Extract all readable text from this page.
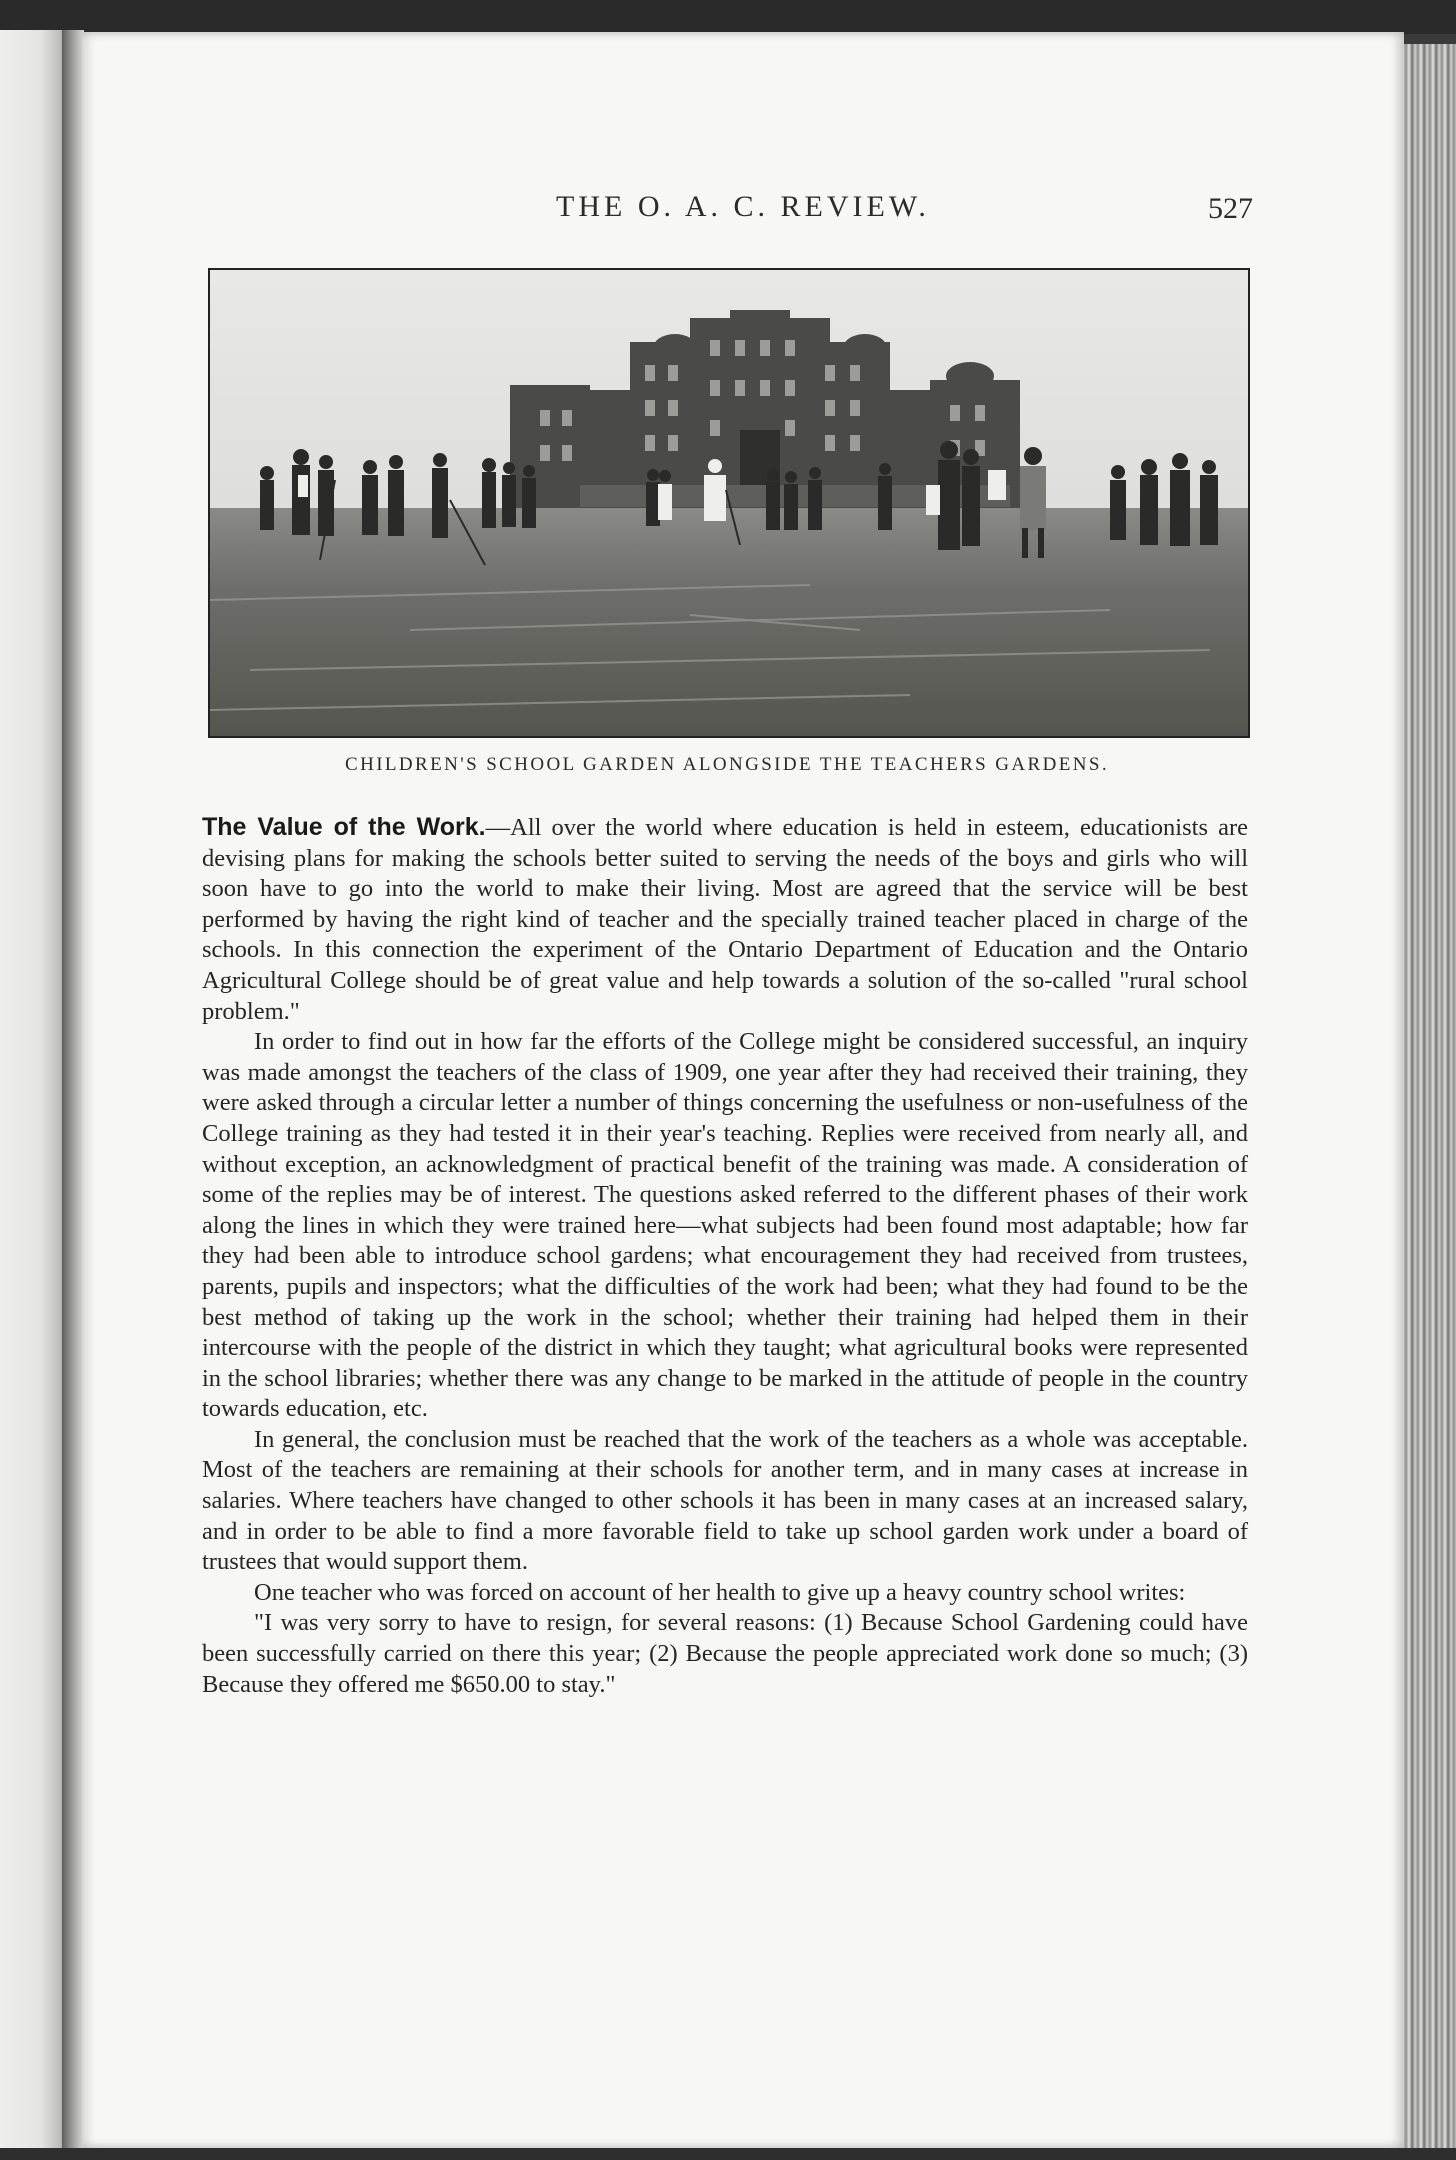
THE O. A. C. REVIEW.	527
CHILDREN'S SCHOOL GARDEN ALONGSIDE THE TEACHERS GARDENS.

The Value of the Work.—All over the world where education is held in esteem, educationists are devising plans for making the schools better suited to serving the needs of the boys and girls who will soon have to go into the world to make their living. Most are agreed that the service will be best performed by having the right kind of teacher and the specially trained teacher placed in charge of the schools. In this connection the experiment of the Ontario Department of Education and the Ontario Agricultural College should be of great value and help towards a solution of the so-called "rural school problem."

In order to find out in how far the efforts of the College might be considered successful, an inquiry was made amongst the teachers of the class of 1909, one year after they had received their training, they were asked through a circular letter a number of things concerning the usefulness or non-usefulness of the College training as they had tested it in their year's teaching. Replies were received from nearly all, and without exception, an acknowledgment of practical benefit of the training was made. A consideration of some of the replies may be of interest. The questions asked referred to the different phases of their work along the lines in which they were trained here—what subjects had been found most adaptable; how far they had been able to introduce school gardens; what encouragement they had received from trustees, parents, pupils and inspectors; what the difficulties of the work had been; what they had found to be the best method of taking up the work in the school; whether their training had helped them in their intercourse with the people of the district in which they taught; what agricultural books were represented in the school libraries; whether there was any change to be marked in the attitude of people in the country towards education, etc.

In general, the conclusion must be reached that the work of the teachers as a whole was acceptable. Most of the teachers are remaining at their schools for another term, and in many cases at increase in salaries. Where teachers have changed to other schools it has been in many cases at an increased salary, and in order to be able to find a more favorable field to take up school garden work under a board of trustees that would support them.

One teacher who was forced on account of her health to give up a heavy country school writes:

"I was very sorry to have to resign, for several reasons: (1) Because School Gardening could have been successfully carried on there this year; (2) Because the people appreciated work done so much; (3) Because they offered me $650.00 to stay."
